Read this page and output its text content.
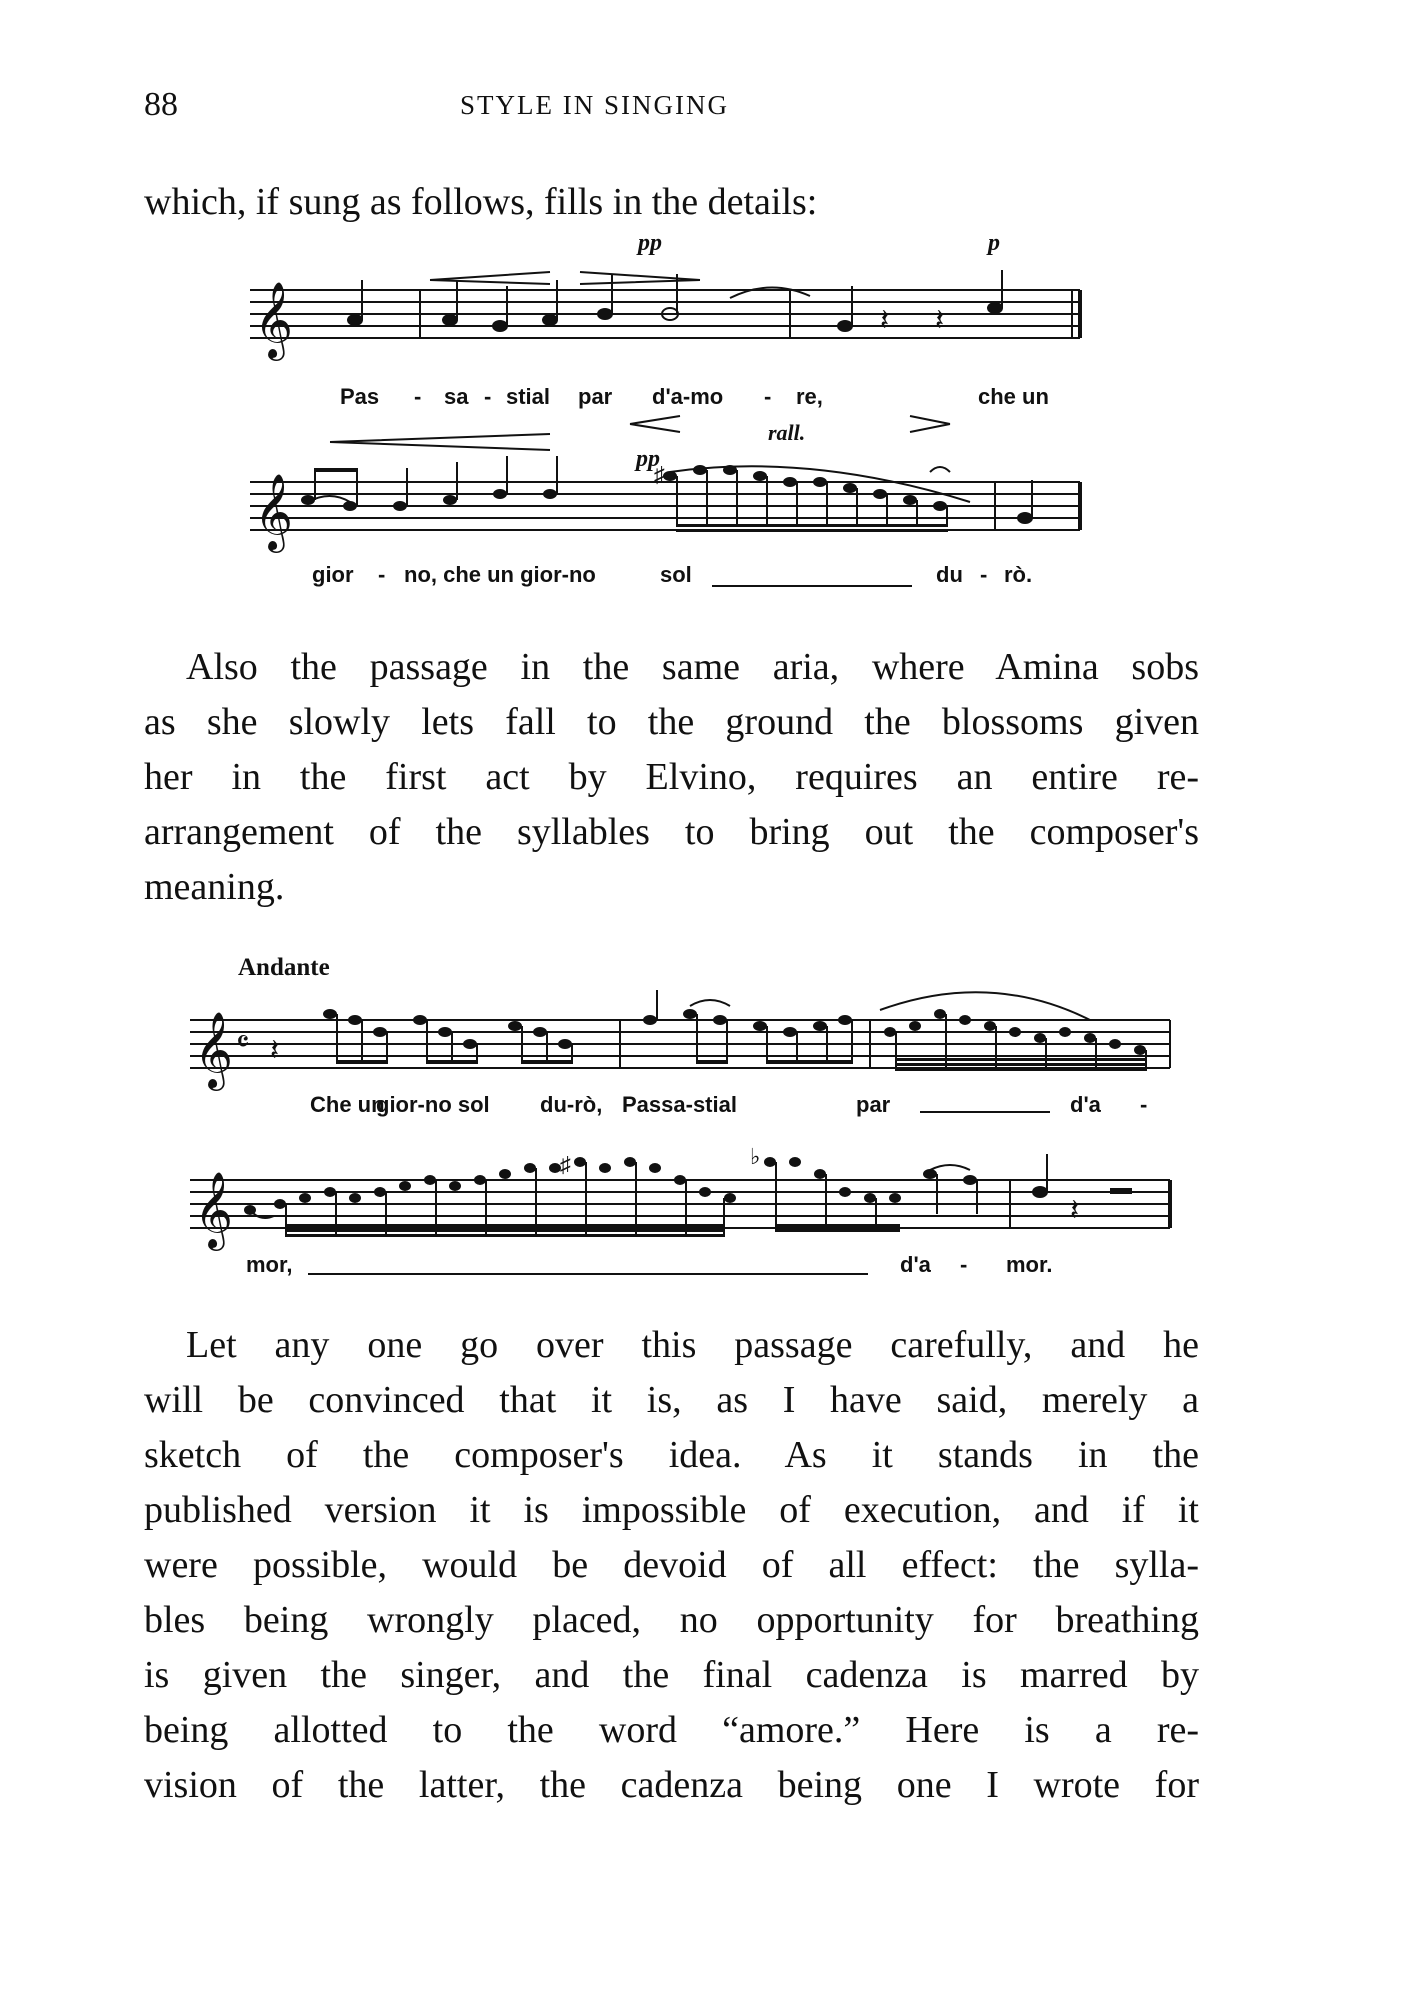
88	STYLE IN SINGING
which, if sung as follows, fills in the details:
𝄞	𝄽 𝄽
pp	p
Pas - sa - stial par d'a-mo - re,	che un
𝄞
♯
pp
rall.
gior - no, che un gior-no	sol	du - rò.
Also the passage in the same aria, where Amina sobs
as she slowly lets fall to the ground the blossoms given
her in the first act by Elvino, requires an entire re-
arrangement of the syllables to bring out the composer's
meaning.
Andante
𝄞 𝄴 𝄽
Che un
gior-no sol du-rò, Passa-stial	par	d'a -
𝄞
♯	♭
𝄽
mor,	d'a - mor.
Let any one go over this passage carefully, and he
will be convinced that it is, as I have said, merely a
sketch of the composer's idea. As it stands in the
published version it is impossible of execution, and if it
were possible, would be devoid of all effect: the sylla-
bles being wrongly placed, no opportunity for breathing
is given the singer, and the final cadenza is marred by
being allotted to the word “amore.” Here is a re-
vision of the latter, the cadenza being one I wrote for
